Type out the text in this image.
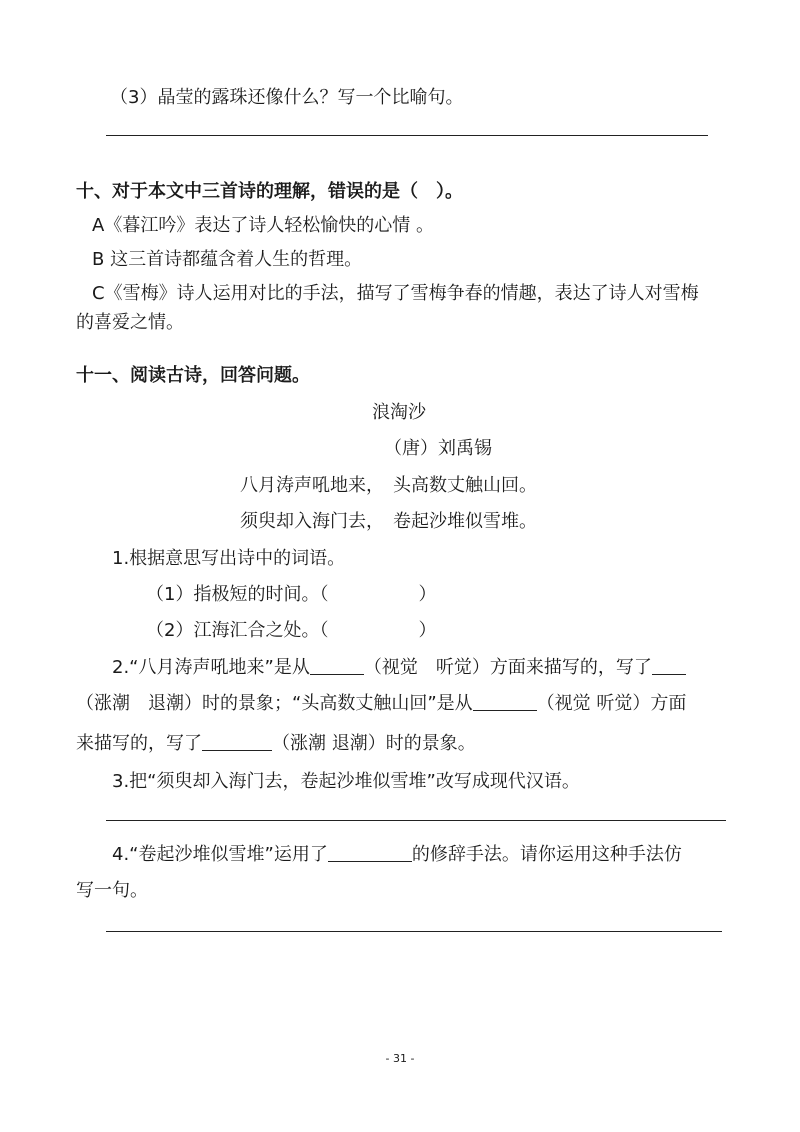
（3）晶莹的露珠还像什么？写一个比喻句。
十、对于本文中三首诗的理解，错误的是（　）。
A《暮江吟》表达了诗人轻松愉快的心情 。
B 这三首诗都蕴含着人生的哲理。
C《雪梅》诗人运用对比的手法，描写了雪梅争春的情趣，表达了诗人对雪梅
的喜爱之情。
十一、阅读古诗，回答问题。
浪淘沙
（唐）刘禹锡
八月涛声吼地来，　头高数丈触山回。
须臾却入海门去，　卷起沙堆似雪堆。
1.根据意思写出诗中的词语。
（1）指极短的时间。（　　　　　）
（2）江海汇合之处。（　　　　　）
2.“八月涛声吼地来”是从	（视觉　听觉）方面来描写的，写了
（涨潮　退潮）时的景象；“头高数丈触山回”是从	（视觉 听觉）方面
来描写的，写了	（涨潮 退潮）时的景象。
3.把“须臾却入海门去，卷起沙堆似雪堆”改写成现代汉语。
4.“卷起沙堆似雪堆”运用了	的修辞手法。请你运用这种手法仿
写一句。
- 31 -
